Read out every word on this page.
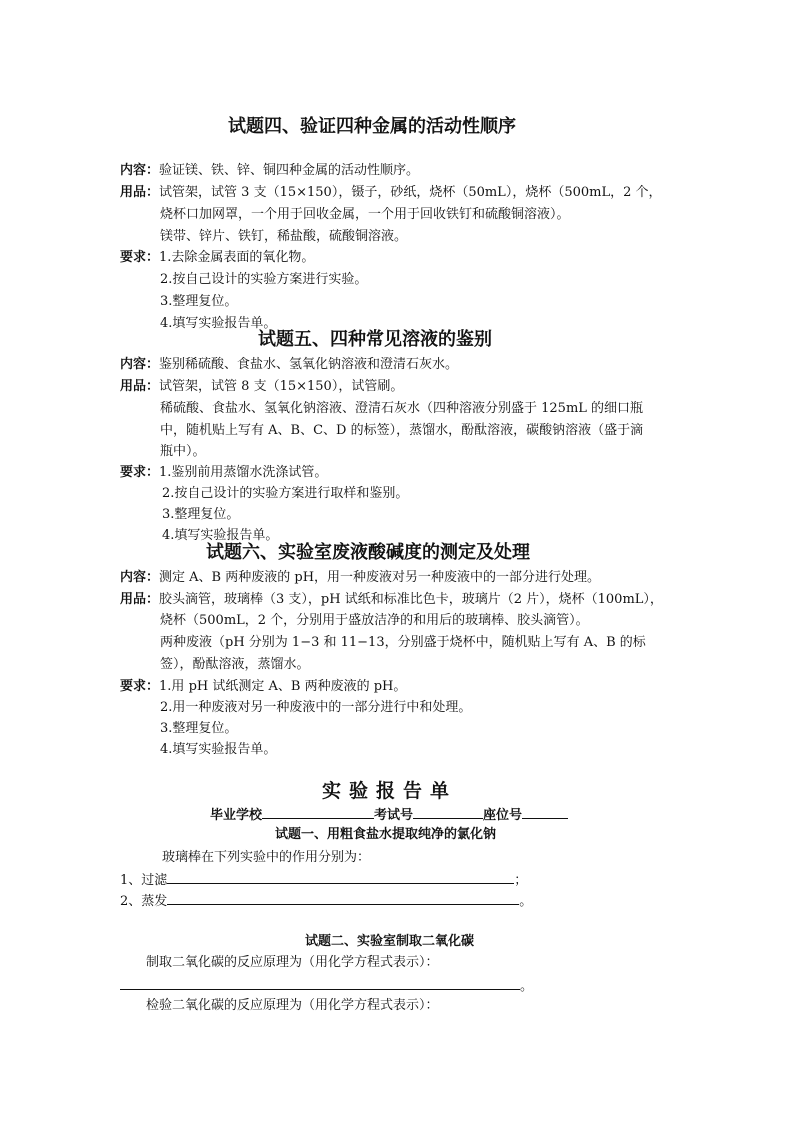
试题四、验证四种金属的活动性顺序
内容：验证镁、铁、锌、铜四种金属的活动性顺序。
用品：试管架，试管 3 支（15×150），镊子，砂纸，烧杯（50mL），烧杯（500mL，2 个，
烧杯口加网罩，一个用于回收金属，一个用于回收铁钉和硫酸铜溶液）。
镁带、锌片、铁钉，稀盐酸，硫酸铜溶液。
要求：1.去除金属表面的氧化物。
2.按自己设计的实验方案进行实验。
3.整理复位。
4.填写实验报告单。
试题五、四种常见溶液的鉴别
内容：鉴别稀硫酸、食盐水、氢氧化钠溶液和澄清石灰水。
用品：试管架，试管 8 支（15×150），试管刷。
稀硫酸、食盐水、氢氧化钠溶液、澄清石灰水（四种溶液分别盛于 125mL 的细口瓶
中，随机贴上写有 A、B、C、D 的标签），蒸馏水，酚酞溶液，碳酸钠溶液（盛于滴
瓶中）。
要求：1.鉴别前用蒸馏水洗涤试管。
2.按自己设计的实验方案进行取样和鉴别。
3.整理复位。
4.填写实验报告单。
试题六、实验室废液酸碱度的测定及处理
内容：测定 A、B 两种废液的 pH，用一种废液对另一种废液中的一部分进行处理。
用品：胶头滴管，玻璃棒（3 支），pH 试纸和标准比色卡，玻璃片（2 片），烧杯（100mL），
烧杯（500mL，2 个，分别用于盛放洁净的和用后的玻璃棒、胶头滴管）。
两种废液（pH 分别为 1−3 和 11−13，分别盛于烧杯中，随机贴上写有 A、B 的标
签），酚酞溶液，蒸馏水。
要求：1.用 pH 试纸测定 A、B 两种废液的 pH。
2.用一种废液对另一种废液中的一部分进行中和处理。
3.整理复位。
4.填写实验报告单。
实验报告单
毕业学校	考试号	座位号
试题一、用粗食盐水提取纯净的氯化钠
玻璃棒在下列实验中的作用分别为：
1、过滤	；
2、蒸发	。
试题二、实验室制取二氧化碳
制取二氧化碳的反应原理为（用化学方程式表示）：
。
检验二氧化碳的反应原理为（用化学方程式表示）：
